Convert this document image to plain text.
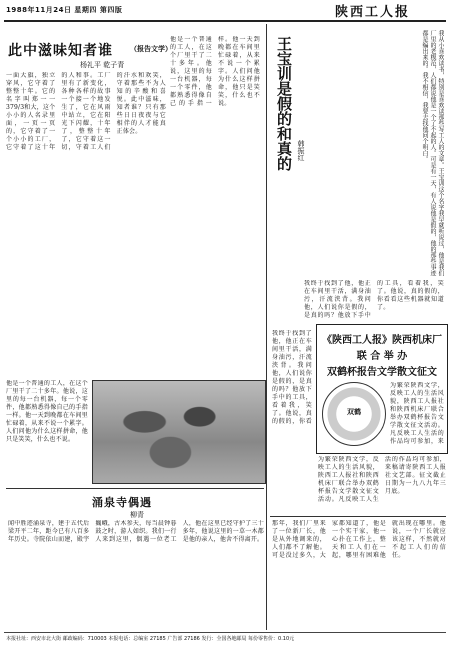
1988年11月24日 星期四 第四版	陕西工人报
此中滋味知者谁 （报告文学）
杨礼平 乾子青
一面大旗，独立穿风，它守着了整整十年。它的名字叫郑一一379/3和大，这个小小的人名录里面，一页一页的，它守着了一个小小的工厂，它守着了这十年的人和事。工厂里有了新变化，各种各样的故事一个接一个地发生了，它在风雨中站立，它在阳光下闪耀，十年了，整整十年了，它守着这一切，守着工人们的汗水和欢笑，守着那些不为人知的辛酸和喜悦。此中滋味，知者谁？只有那些日日夜夜与它相伴的人才能真正体会。
他是一个普通的工人，在这个厂里干了二十多年。他说，这里的每一台机器，每一个零件，他都熟悉得像自己的手指一样。他一天到晚都在车间里忙碌着，从来不说一个累字。人们问他为什么这样拼命，他只是笑笑，什么也不说。
涌泉寺偶遇
柳青
闻中胜迹涌泉寺，建于五代后梁开平二年，距今已有八百多年历史。寺院依山而建，殿宇巍峨，古木参天，每当晨钟暮鼓之时，游人如织。我们一行人来到这里，偶遇一位老工人，他在这里已经守护了三十多年，他说这里的一草一木都是他的亲人，他舍不得离开。
他是一个普通的工人，在这个厂里干了二十多年。他说，这里的每一台机器，每一个零件，他都熟悉得像自己的手指一样。他一天到晚都在车间里忙碌着，从来不说一个累字。人们问他为什么这样拼命，他只是笑笑，什么也不说。
王宝训是假的和真的 韩振红	我从小喜欢读书，特别是喜欢读那些写工人的文章。王宝训这个名字我早就听说过，他是我们厂里的老模范，人们都说他是一个了不起的人。可是有一天，有人说他是假的，他的那些事迹都是编出来的。我不相信，我要去找他问个明白。
我终于找到了他，他正在车间里干活，满身油污，汗流浃背。我问他，人们说你是假的，是真的吗？他放下手中的工具，看着我，笑了。他说，真的假的，你看看这些机器就知道了。
我终于找到了他，他正在车间里干活，满身油污，汗流浃背。我问他，人们说你是假的，是真的吗？他放下手中的工具，看着我，笑了。他说，真的假的，你看
《陕西工人报》陕西机床厂
联 合 举 办
双鹤杯报告文学散文征文
双鹤
为繁荣陕西文学，反映工人的生活风貌，陕西工人报社和陕西机床厂联合举办双鹤杯报告文学散文征文活动。凡反映工人生活的作品均可参加，来
为繁荣陕西文学，反映工人的生活风貌，陕西工人报社和陕西机床厂联合举办双鹤杯报告文学散文征文活动。凡反映工人生活的作品均可参加，来稿请寄陕西工人报社文艺部。征文截止日期为一九八九年三月底。
那年，我们厂里来了一位新厂长，他是从外地调来的，人们都不了解他。可是没过多久，大家都知道了，他是一个实干家，他一心扑在工作上，整天和工人们在一起，哪里有困难他就出现在哪里。他说，一个厂长就应该这样，不然就对不起工人们的信任。
本报社址：西安市北大街 邮政编码：710003 本报电话：总编室 27185 广告部 27186 发行：全国各地邮局 每份零售价：0.10元
